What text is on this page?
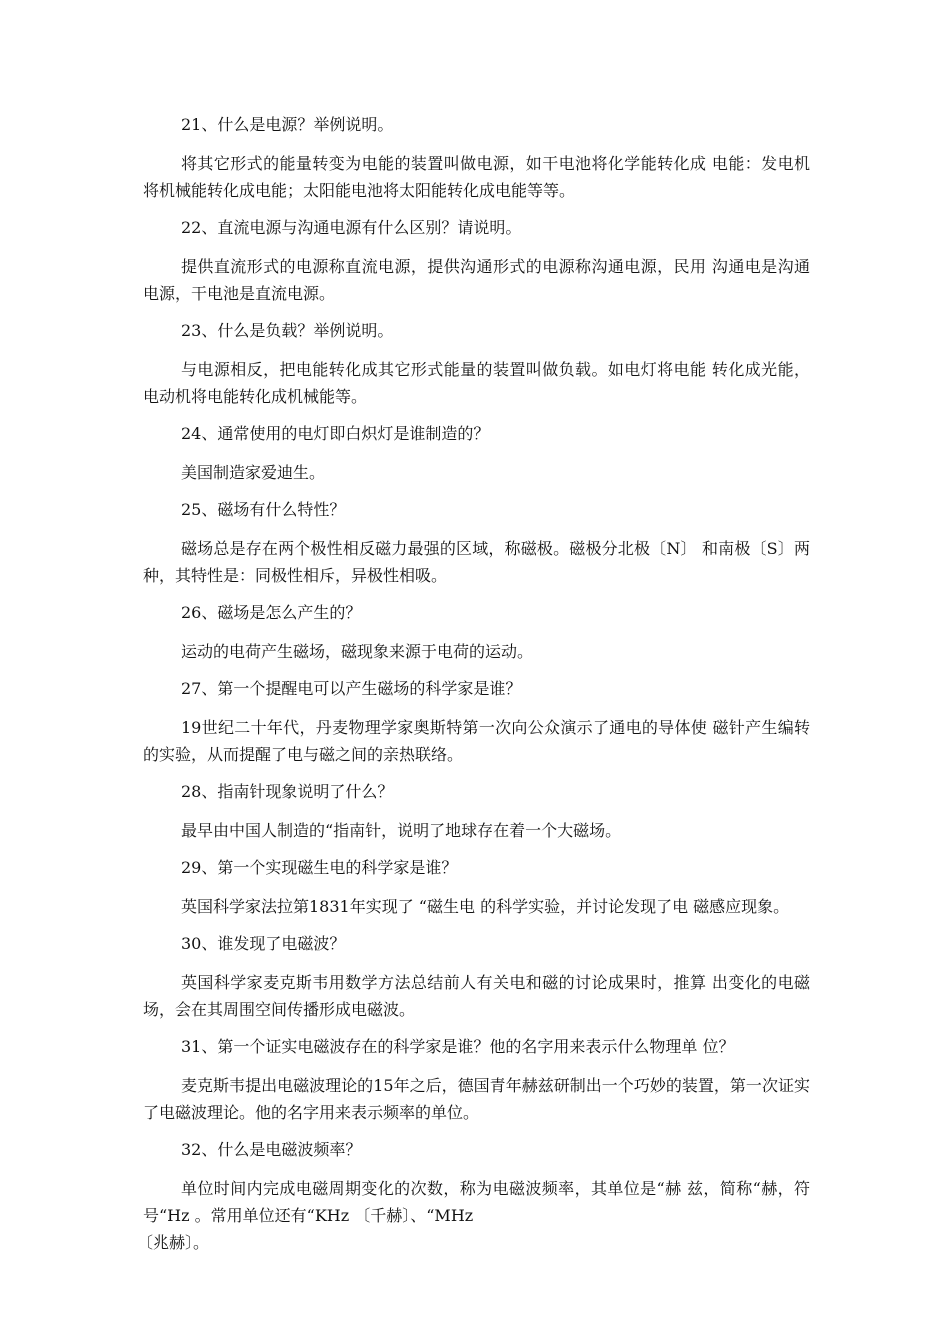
21、什么是电源？举例说明。

将其它形式的能量转变为电能的装置叫做电源，如干电池将化学能转化成 电能：发电机将机械能转化成电能；太阳能电池将太阳能转化成电能等等。

22、直流电源与沟通电源有什么区别？请说明。

提供直流形式的电源称直流电源，提供沟通形式的电源称沟通电源，民用 沟通电是沟通电源，干电池是直流电源。

23、什么是负载？举例说明。

与电源相反，把电能转化成其它形式能量的装置叫做负载。如电灯将电能 转化成光能，电动机将电能转化成机械能等。

24、通常使用的电灯即白炽灯是谁制造的？

美国制造家爱迪生。

25、磁场有什么特性？

磁场总是存在两个极性相反磁力最强的区域，称磁极。磁极分北极〔N〕 和南极〔S〕两种，其特性是：同极性相斥，异极性相吸。

26、磁场是怎么产生的？

运动的电荷产生磁场，磁现象来源于电荷的运动。

27、第一个提醒电可以产生磁场的科学家是谁？

19世纪二十年代，丹麦物理学家奥斯特第一次向公众演示了通电的导体使 磁针产生编转的实验，从而提醒了电与磁之间的亲热联络。

28、指南针现象说明了什么？

最早由中国人制造的“指南针，说明了地球存在着一个大磁场。

29、第一个实现磁生电的科学家是谁？

英国科学家法拉第1831年实现了 “磁生电 的科学实验，并讨论发现了电 磁感应现象。

30、谁发现了电磁波？

英国科学家麦克斯韦用数学方法总结前人有关电和磁的讨论成果时，推算 出变化的电磁场，会在其周围空间传播形成电磁波。

31、第一个证实电磁波存在的科学家是谁？他的名字用来表示什么物理单 位？

麦克斯韦提出电磁波理论的15年之后，德国青年赫兹研制出一个巧妙的装置，第一次证实了电磁波理论。他的名字用来表示频率的单位。

32、什么是电磁波频率？

单位时间内完成电磁周期变化的次数，称为电磁波频率，其单位是“赫 兹，简称“赫，符号“Hz 。常用单位还有“KHz 〔千赫〕、“MHz
〔兆赫〕。
